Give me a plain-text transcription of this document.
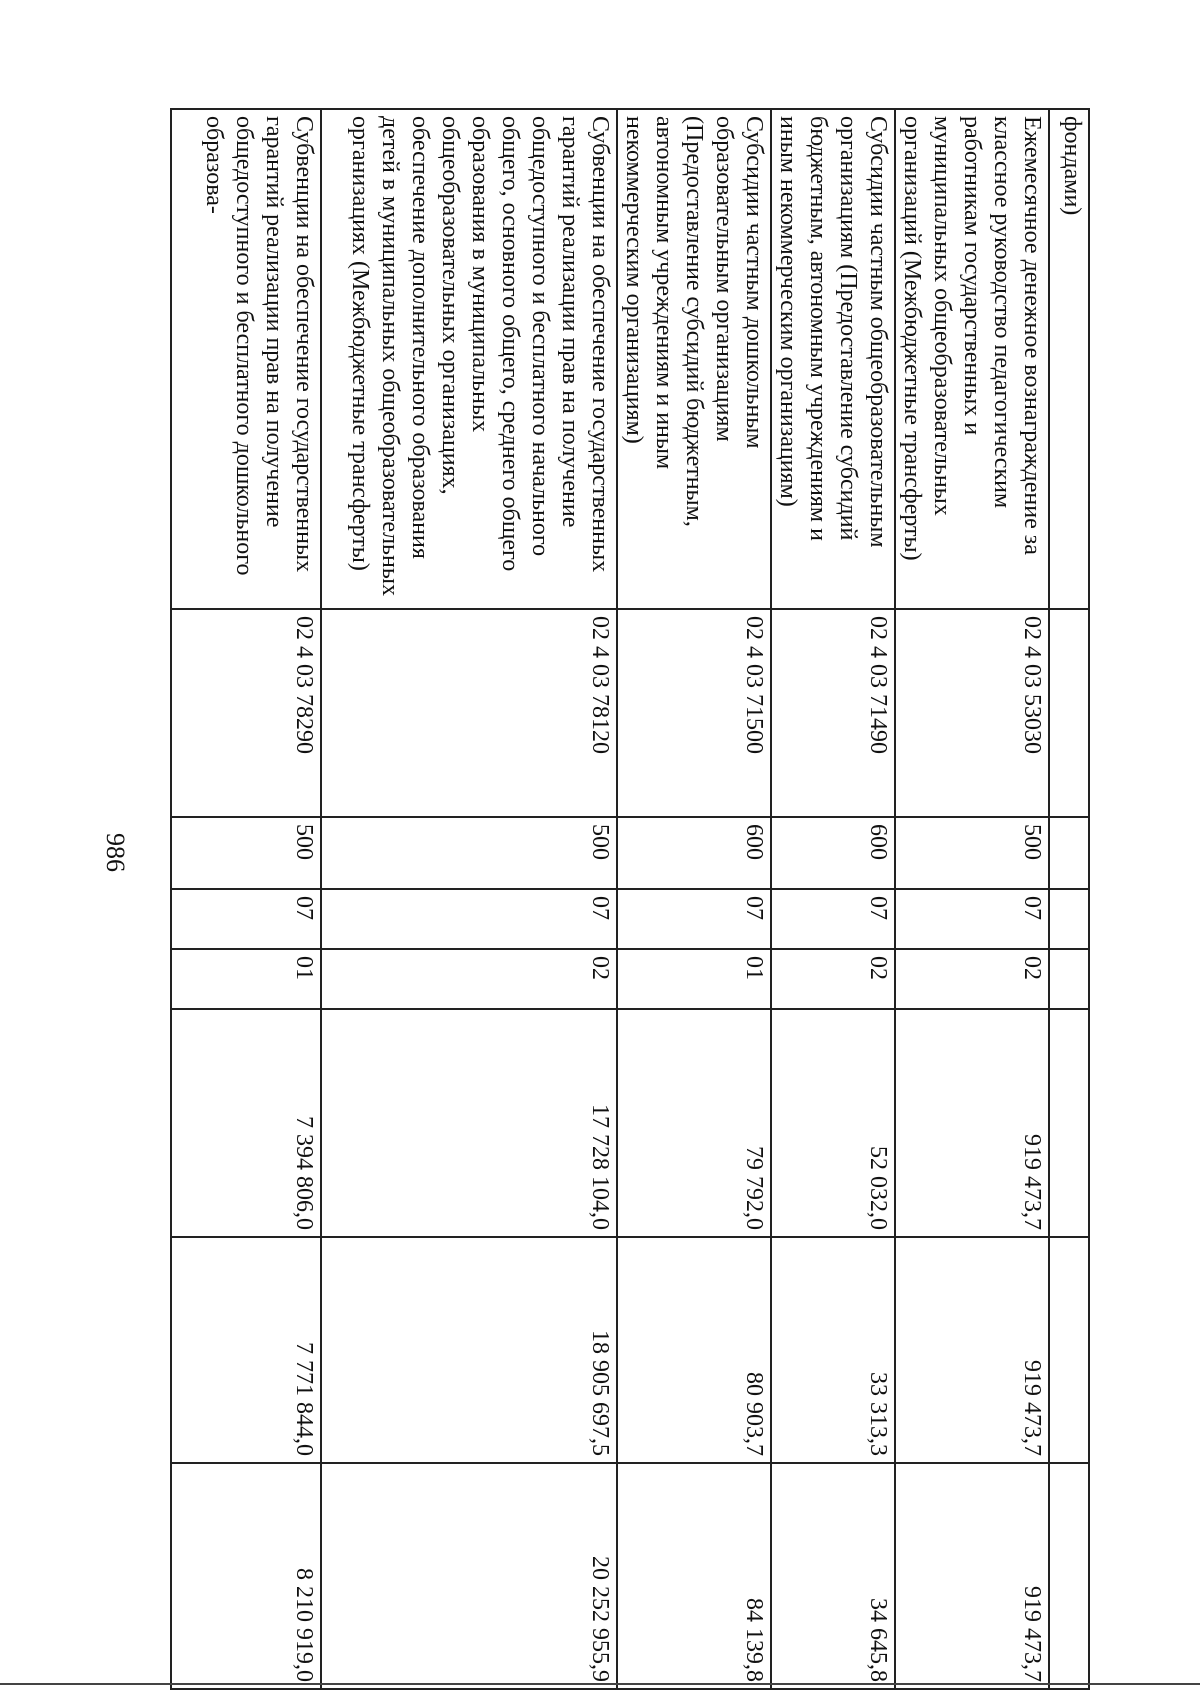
986
фондами)							
Ежемесячное денежное вознаграждение за классное руководство педагогическим работникам государственных и муниципальных общеобразовательных организаций (Межбюджетные трансферты)	02 4 03 53030	500	07	02	919 473,7	919 473,7	919 473,7
Субсидии частным общеобразовательным организациям (Предоставление субсидий бюджетным, автономным учреждениям и иным некоммерческим организациям)	02 4 03 71490	600	07	02	52 032,0	33 313,3	34 645,8
Субсидии частным дошкольным образовательным организациям (Предоставление субсидий бюджетным, автономным учреждениям и иным некоммерческим организациям)	02 4 03 71500	600	07	01	79 792,0	80 903,7	84 139,8
Субвенции на обеспечение государственных гарантий реализации прав на получение общедоступного и бесплатного начального общего, основного общего, среднего общего образования в муниципальных общеобразовательных организациях, обеспечение дополнительного образования детей в муниципальных общеобразовательных организациях (Межбюджетные трансферты)	02 4 03 78120	500	07	02	17 728 104,0	18 905 697,5	20 252 955,9
Субвенции на обеспечение государственных гарантий реализации прав на получение общедоступного и бесплатного дошкольного образова-	02 4 03 78290	500	07	01	7 394 806,0	7 771 844,0	8 210 919,0
